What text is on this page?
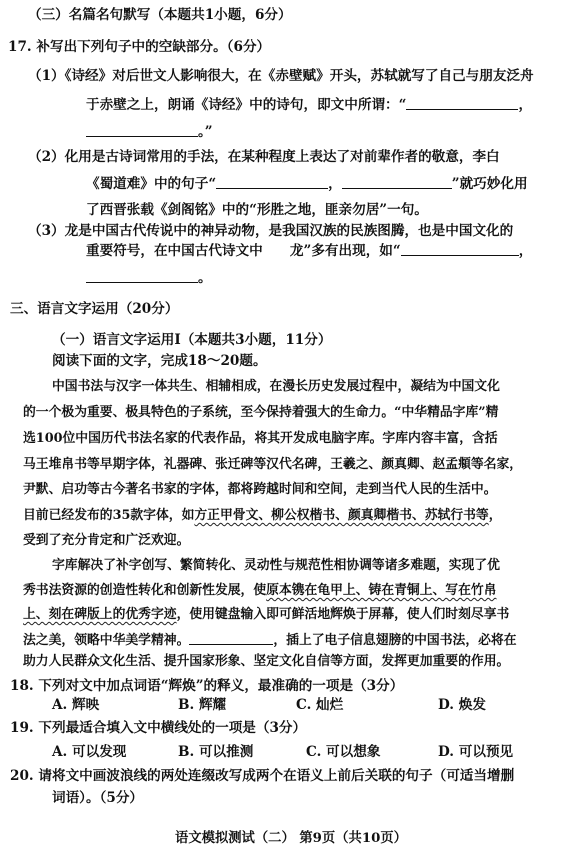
（三）名篇名句默写（本题共1小题，6分）
17. 补写出下列句子中的空缺部分。（6分）
（1）《诗经》对后世文人影响很大，在《赤壁赋》开头，苏轼就写了自己与朋友泛舟
于赤壁之上，朗诵《诗经》中的诗句，即文中所谓：“	，
。”
（2）化用是古诗词常用的手法，在某种程度上表达了对前辈作者的敬意，李白
《蜀道难》中的句子“	，	”就巧妙化用
了西晋张载《剑阁铭》中的“形胜之地，匪亲勿居”一句。
（3）龙是中国古代传说中的神异动物，是我国汉族的民族图腾，也是中国文化的
重要符号，在中国古代诗文中   龙”多有出现，如“	，
。
三、语言文字运用（20分）
（一）语言文字运用Ⅰ（本题共3小题，11分）
阅读下面的文字，完成18～20题。
中国书法与汉字一体共生、相辅相成，在漫长历史发展过程中，凝结为中国文化
的一个极为重要、极具特色的子系统，至今保持着强大的生命力。“中华精品字库”精
选100位中国历代书法名家的代表作品，将其开发成电脑字库。字库内容丰富，含括
马王堆帛书等早期字体，礼器碑、张迁碑等汉代名碑，王羲之、颜真卿、赵孟頫等名家，
尹默、启功等古今著名书家的字体，都将跨越时间和空间，走到当代人民的生活中。
目前已经发布的35款字体，如方正甲骨文、柳公权楷书、颜真卿楷书、苏轼行书等，
受到了充分肯定和广泛欢迎。
字库解决了补字创写、繁简转化、灵动性与规范性相协调等诸多难题，实现了优
秀书法资源的创造性转化和创新性发展，使原本镌在龟甲上、铸在青铜上、写在竹帛
上、刻在碑版上的优秀字迹，使用键盘输入即可鲜活地辉焕于屏幕，使人们时刻尽享书
法之美，领略中华美学精神。	，插上了电子信息翅膀的中国书法，必将在
助力人民群众文化生活、提升国家形象、坚定文化自信等方面，发挥更加重要的作用。
18. 下列对文中加点词语“辉焕”的释义，最准确的一项是（3分）
A. 辉映	B. 辉耀	C. 灿烂	D. 焕发
19. 下列最适合填入文中横线处的一项是（3分）
A. 可以发现	B. 可以推测	C. 可以想象	D. 可以预见
20. 请将文中画波浪线的两处连缀改写成两个在语义上前后关联的句子（可适当增删
词语）。（5分）
语文模拟测试（二） 第9页（共10页）
